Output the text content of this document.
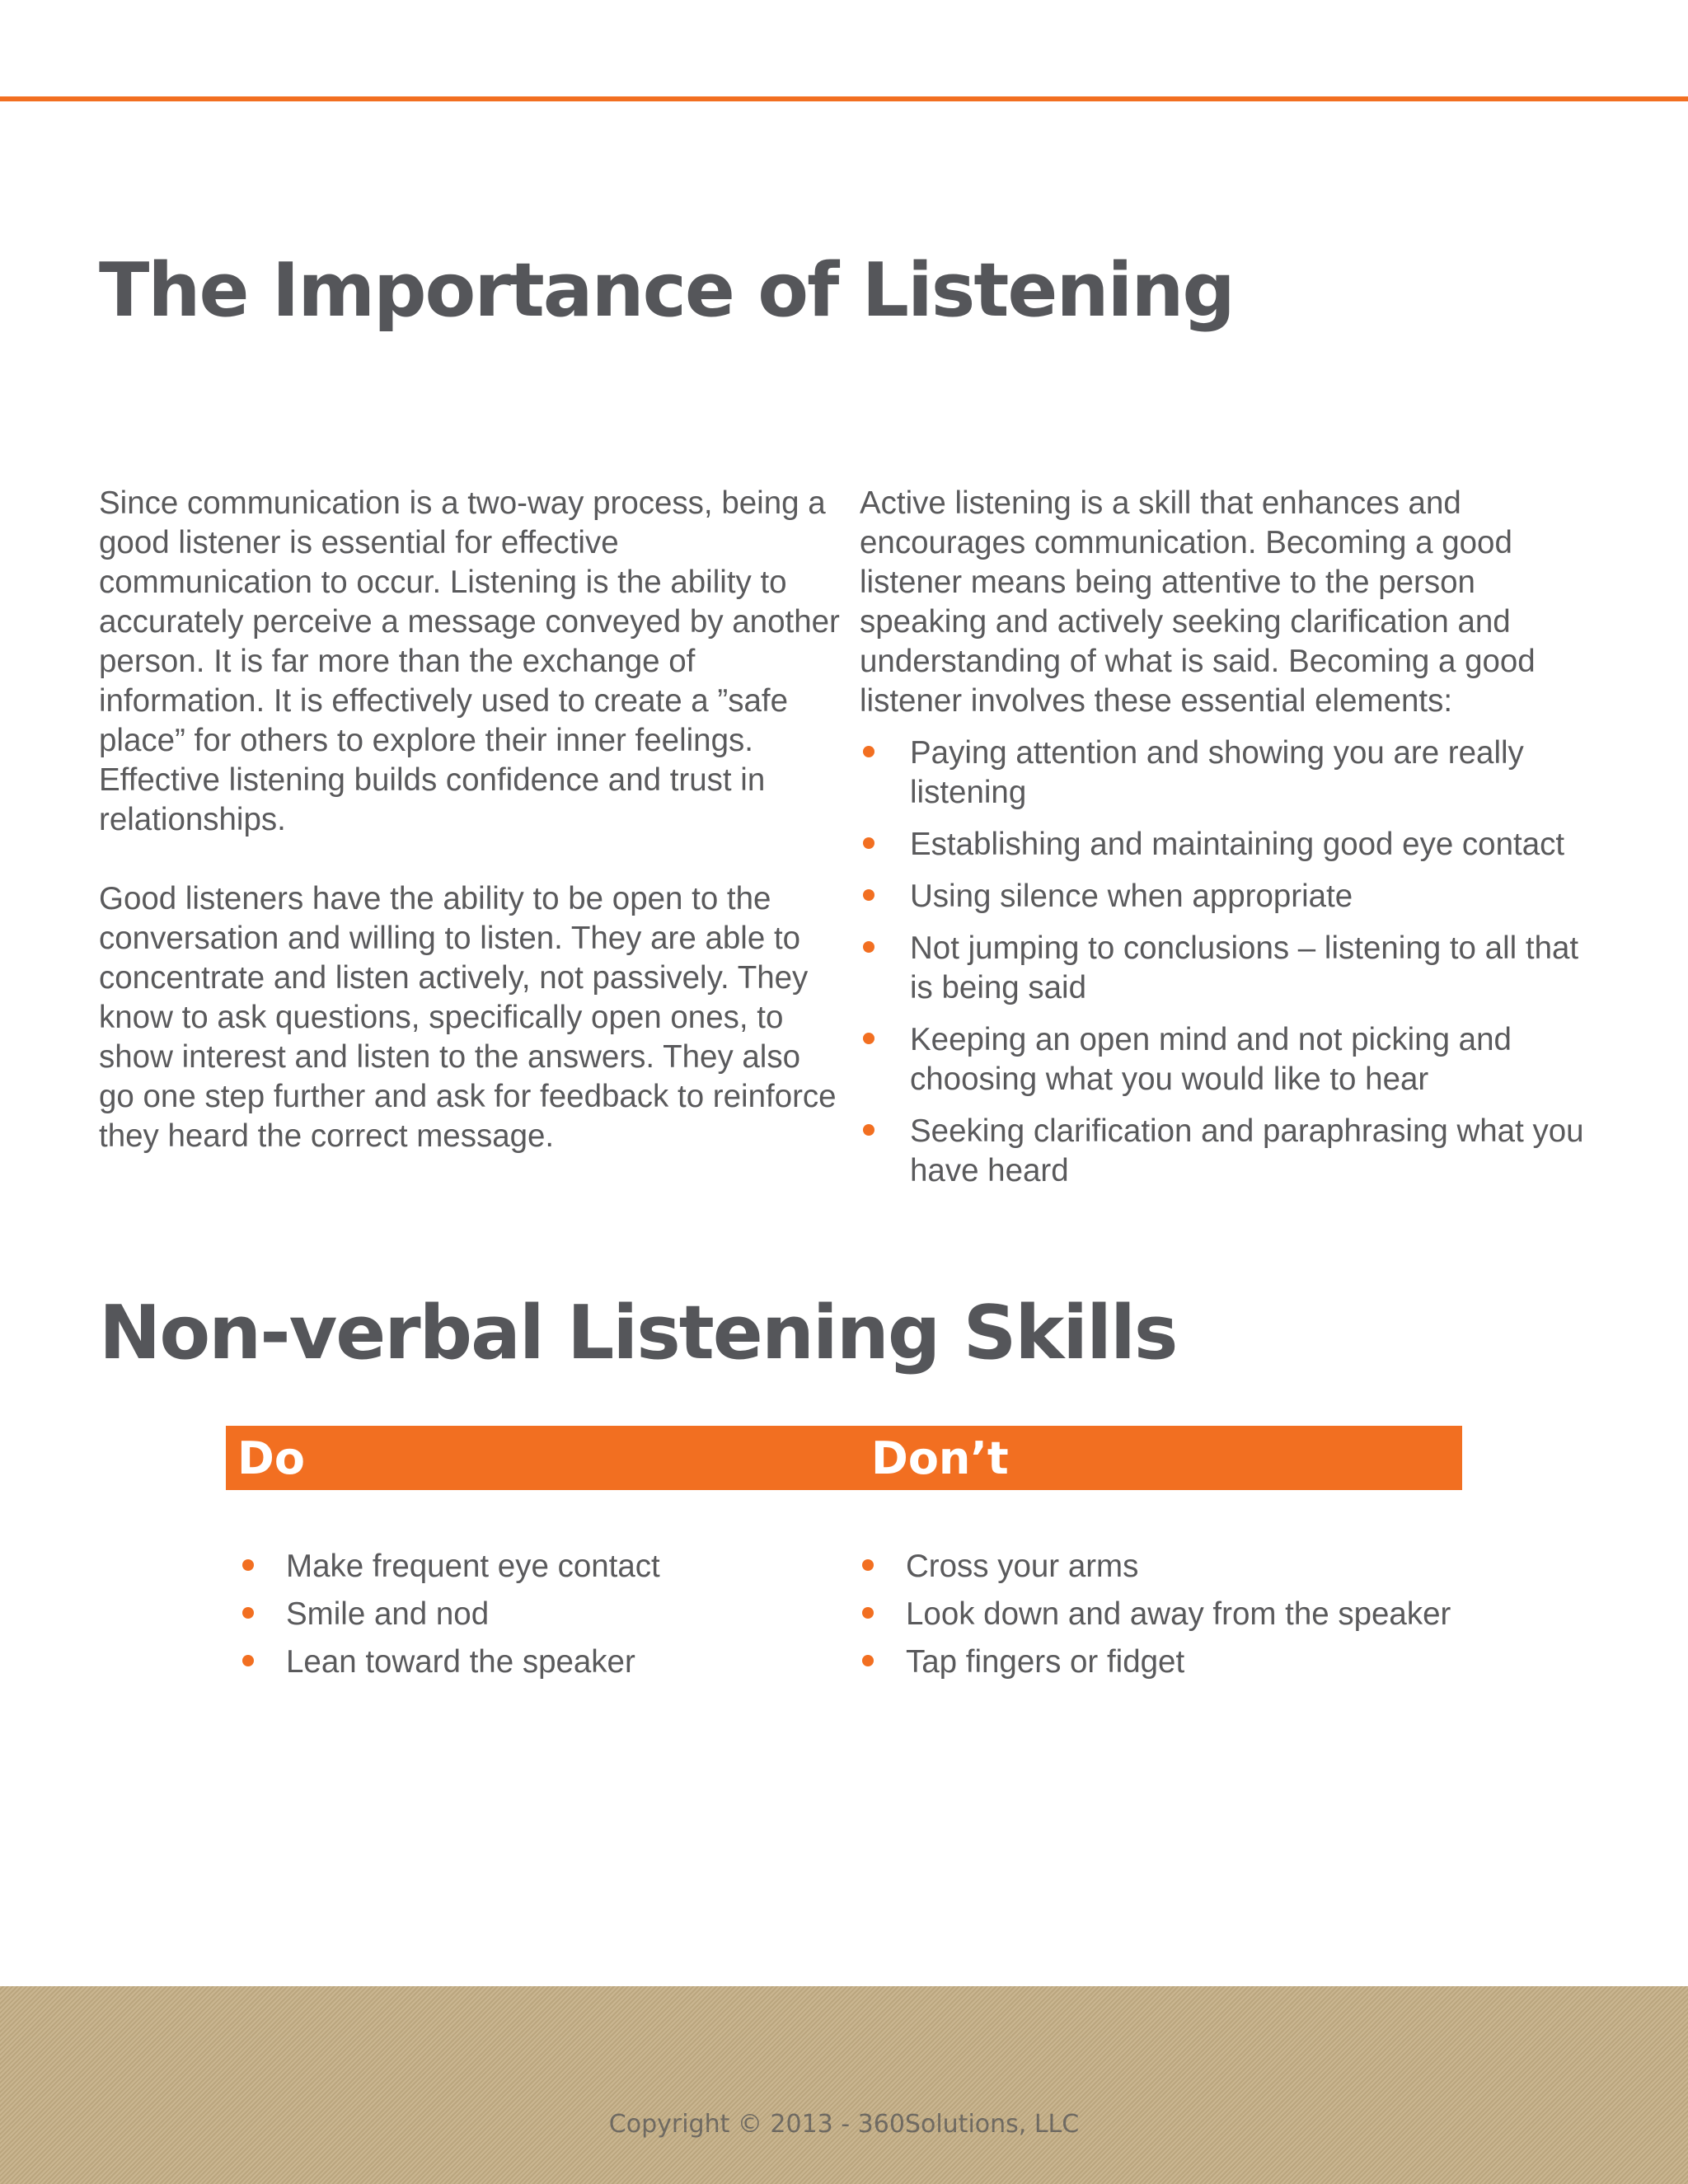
The Importance of Listening

Since communication is a two-way process, being a good listener is essential for effective communication to occur. Listening is the ability to accurately perceive a message conveyed by another person. It is far more than the exchange of information. It is effectively used to create a ”safe place” for others to explore their inner feelings. Effective listening builds confidence and trust in relationships.

Good listeners have the ability to be open to the conversation and willing to listen. They are able to concentrate and listen actively, not passively. They know to ask questions, specifically open ones, to show interest and listen to the answers. They also go one step further and ask for feedback to reinforce they heard the correct message.

Active listening is a skill that enhances and encourages communication. Becoming a good listener means being attentive to the person speaking and actively seeking clarification and understanding of what is said. Becoming a good listener involves these essential elements:

Paying attention and showing you are really listening
Establishing and maintaining good eye contact
Using silence when appropriate
Not jumping to conclusions – listening to all that is being said
Keeping an open mind and not picking and choosing what you would like to hear
Seeking clarification and paraphrasing what you have heard
Non-verbal Listening Skills
Do	Don’t
Make frequent eye contact
Smile and nod
Lean toward the speaker
Cross your arms
Look down and away from the speaker
Tap fingers or fidget
Copyright © 2013 - 360Solutions, LLC
